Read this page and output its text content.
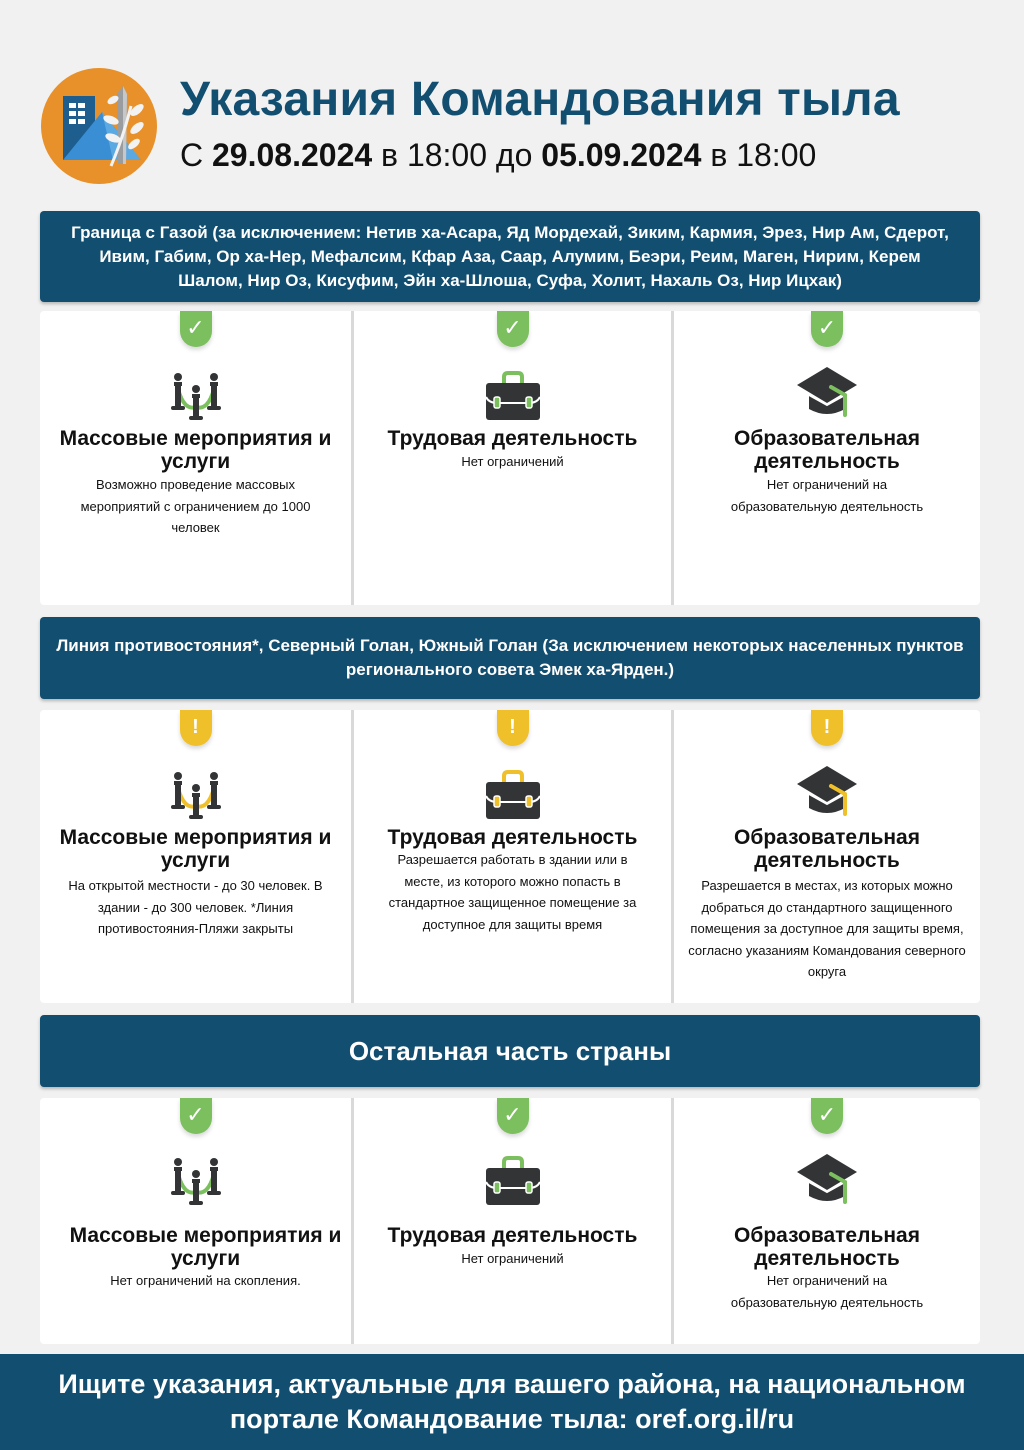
Указания Командования тыла
С 29.08.2024 в 18:00 до 05.09.2024 в 18:00

Граница с Газой (за исключением: Нетив ха-Асара, Яд Мордехай, Зиким, Кармия, Эрез, Нир Ам, Сдерот, Ивим, Габим, Ор ха-Нер, Мефалсим, Кфар Аза, Саар, Алумим, Беэри, Реим, Маген, Нирим, Керем Шалом, Нир Оз, Кисуфим, Эйн ха-Шлоша, Суфа, Холит, Нахаль Оз, Нир Ицхак)

✓
Массовые мероприятия и услуги
Возможно проведение массовых мероприятий с ограничением до 1000 человек
✓
Трудовая деятельность
Нет ограничений
✓
Образовательная деятельность
Нет ограничений на образовательную деятельность

Линия противостояния*, Северный Голан, Южный Голан (За исключением некоторых населенных пунктов регионального совета Эмек ха-Ярден.)

!
Массовые мероприятия и услуги
На открытой местности - до 30 человек. В здании - до 300 человек. *Линия противостояния-Пляжи закрыты
!
Трудовая деятельность
Разрешается работать в здании или в месте, из которого можно попасть в стандартное защищенное помещение за доступное для защиты время
!
Образовательная деятельность
Разрешается в местах, из которых можно добраться до стандартного защищенного помещения за доступное для защиты время, согласно указаниям Командования северного округа

Остальная часть страны

✓
Массовые мероприятия и услуги
Нет ограничений на скопления.
✓
Трудовая деятельность
Нет ограничений
✓
Образовательная деятельность
Нет ограничений на образовательную деятельность

Ищите указания, актуальные для вашего района, на национальном портале Командование тыла: oref.org.il/ru
